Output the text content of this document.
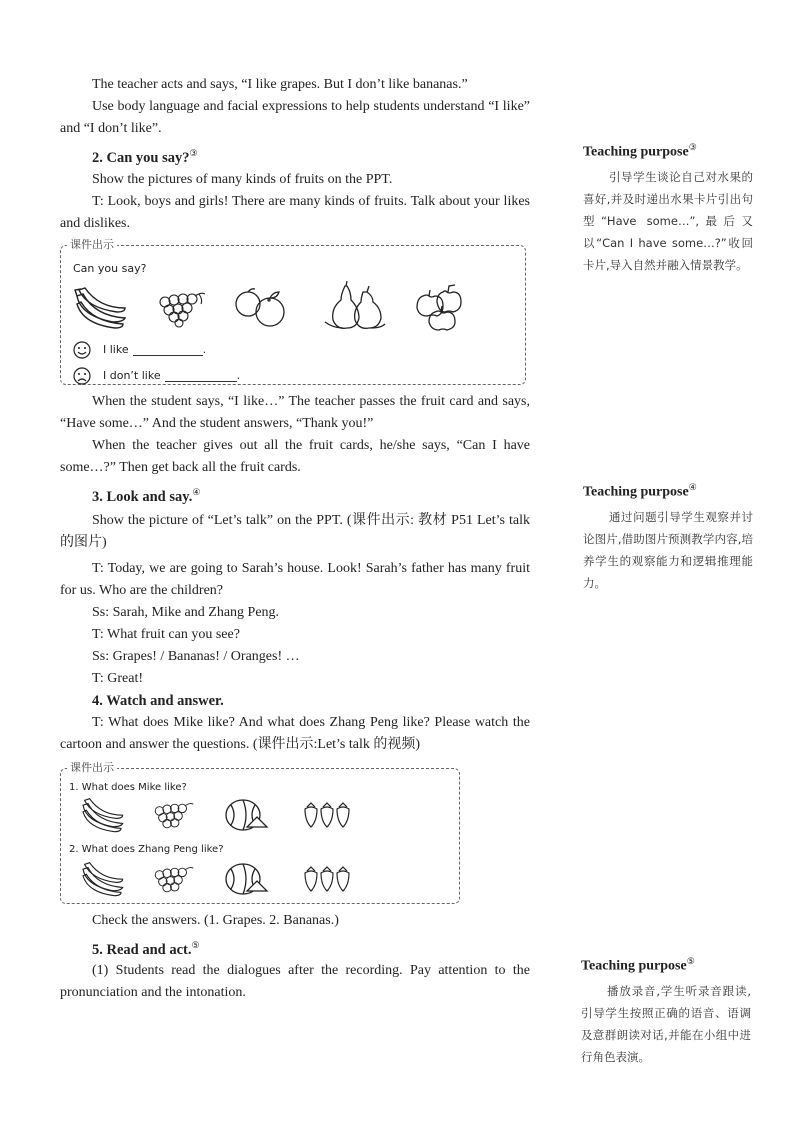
The teacher acts and says, “I like grapes. But I don’t like bananas.”

Use body language and facial expressions to help students understand “I like” and “I don’t like”.

2. Can you say?③

Show the pictures of many kinds of fruits on the PPT.

T: Look, boys and girls! There are many kinds of fruits. Talk about your likes and dislikes.

课件出示
Can you say?
I like	.
I don’t like	.

When the student says, “I like…” The teacher passes the fruit card and says, “Have some…” And the student answers, “Thank you!”

When the teacher gives out all the fruit cards, he/she says, “Can I have some…?” Then get back all the fruit cards.

3. Look and say.④

Show the picture of “Let’s talk” on the PPT. (课件出示: 教材 P51 Let’s talk 的图片)

T: Today, we are going to Sarah’s house. Look! Sarah’s father has many fruit for us. Who are the children?

Ss: Sarah, Mike and Zhang Peng.

T: What fruit can you see?

Ss: Grapes! / Bananas! / Oranges! …

T: Great!

4. Watch and answer.

T: What does Mike like? And what does Zhang Peng like? Please watch the cartoon and answer the questions. (课件出示:Let’s talk 的视频)

课件出示
1. What does Mike like?
2. What does Zhang Peng like?

Check the answers. (1. Grapes. 2. Bananas.)

5. Read and act.⑤

(1) Students read the dialogues after the recording. Pay attention to the pronunciation and the intonation.

Teaching purpose③
引导学生谈论自己对水果的喜好,并及时递出水果卡片引出句型“Have some…”,最后又以“Can I have some…?”收回卡片,导入自然并融入情景教学。
Teaching purpose④
通过问题引导学生观察并讨论图片,借助图片预测教学内容,培养学生的观察能力和逻辑推理能力。
Teaching purpose⑤
播放录音,学生听录音跟读,引导学生按照正确的语音、语调及意群朗读对话,并能在小组中进行角色表演。
